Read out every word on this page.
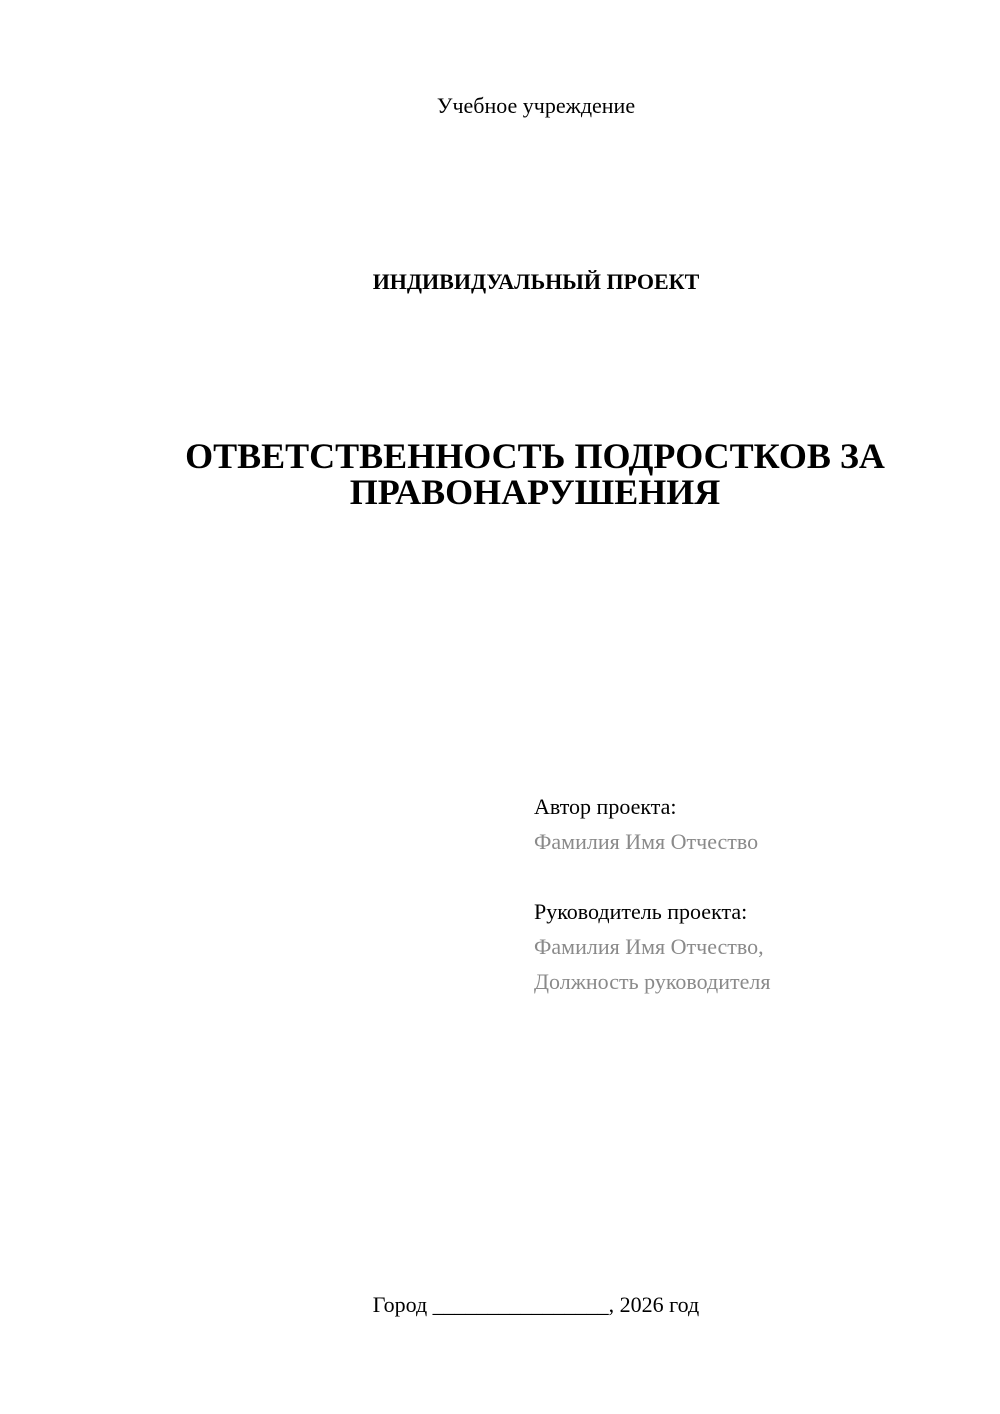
Учебное учреждение
ИНДИВИДУАЛЬНЫЙ ПРОЕКТ
ОТВЕТСТВЕННОСТЬ ПОДРОСТКОВ ЗА
ПРАВОНАРУШЕНИЯ
Автор проекта:
Фамилия Имя Отчество
Руководитель проекта:
Фамилия Имя Отчество,
Должность руководителя
Город ________________, 2026 год
